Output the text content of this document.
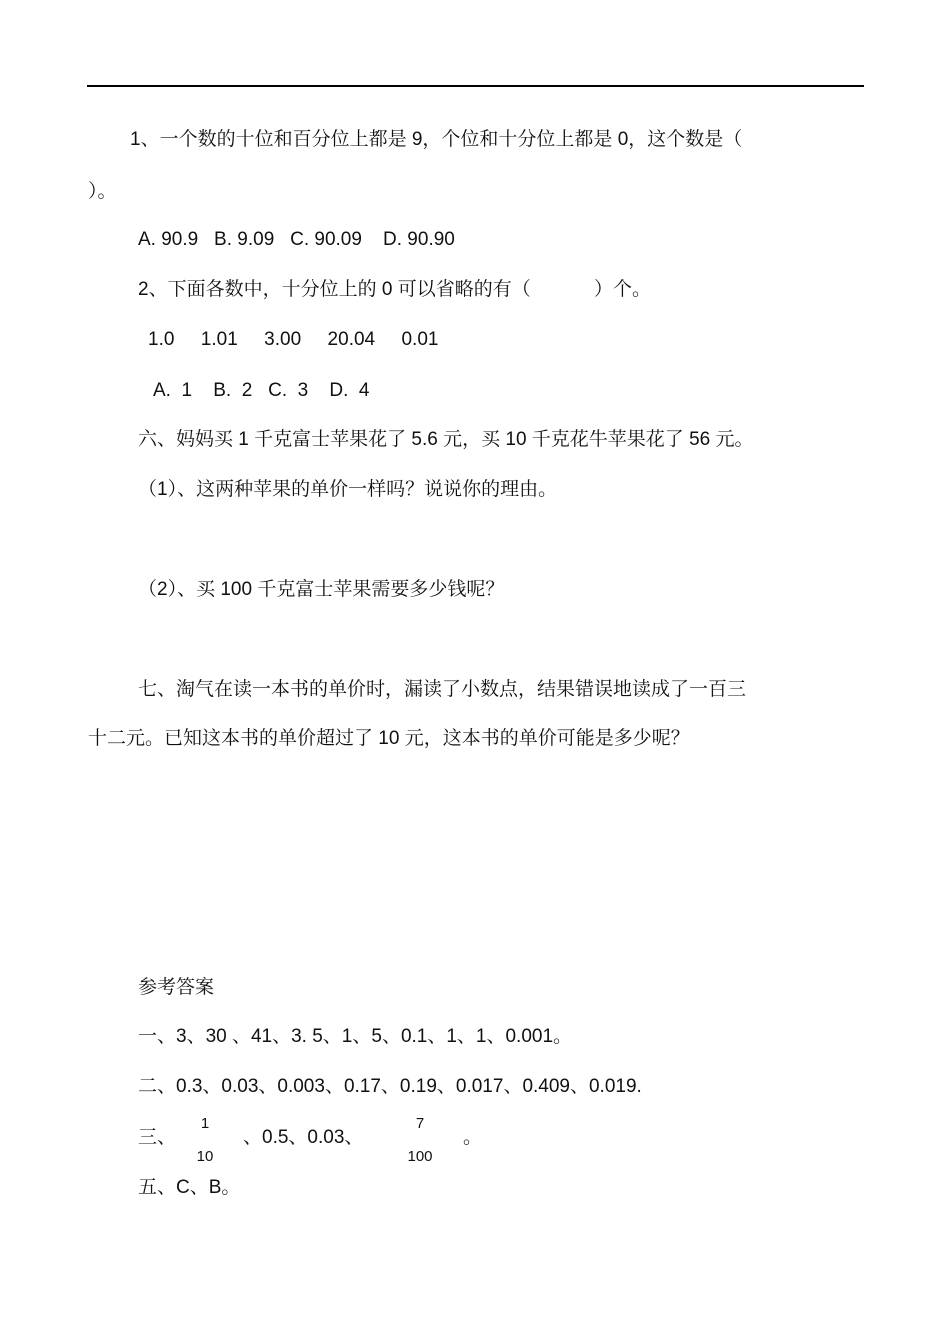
1、一个数的十位和百分位上都是 9，个位和十分位上都是 0，这个数是（
）。
A. 90.9   B. 9.09   C. 90.09    D. 90.90
2、下面各数中，十分位上的 0 可以省略的有（            ）个。
1.0     1.01     3.00     20.04     0.01
A.  1    B.  2   C.  3    D.  4
六、妈妈买 1 千克富士苹果花了 5.6 元，买 10 千克花牛苹果花了 56 元。
（1）、这两种苹果的单价一样吗？说说你的理由。
（2）、买 100 千克富士苹果需要多少钱呢？
七、淘气在读一本书的单价时，漏读了小数点，结果错误地读成了一百三
十二元。已知这本书的单价超过了 10 元，这本书的单价可能是多少呢？
参考答案
一、3、30 、41、3. 5、1、5、0.1、1、1、0.001。
二、0.3、0.03、0.003、0.17、0.19、0.017、0.409、0.019.
三、
1
10
、0.5、0.03、
7
100
。
五、C、B。
